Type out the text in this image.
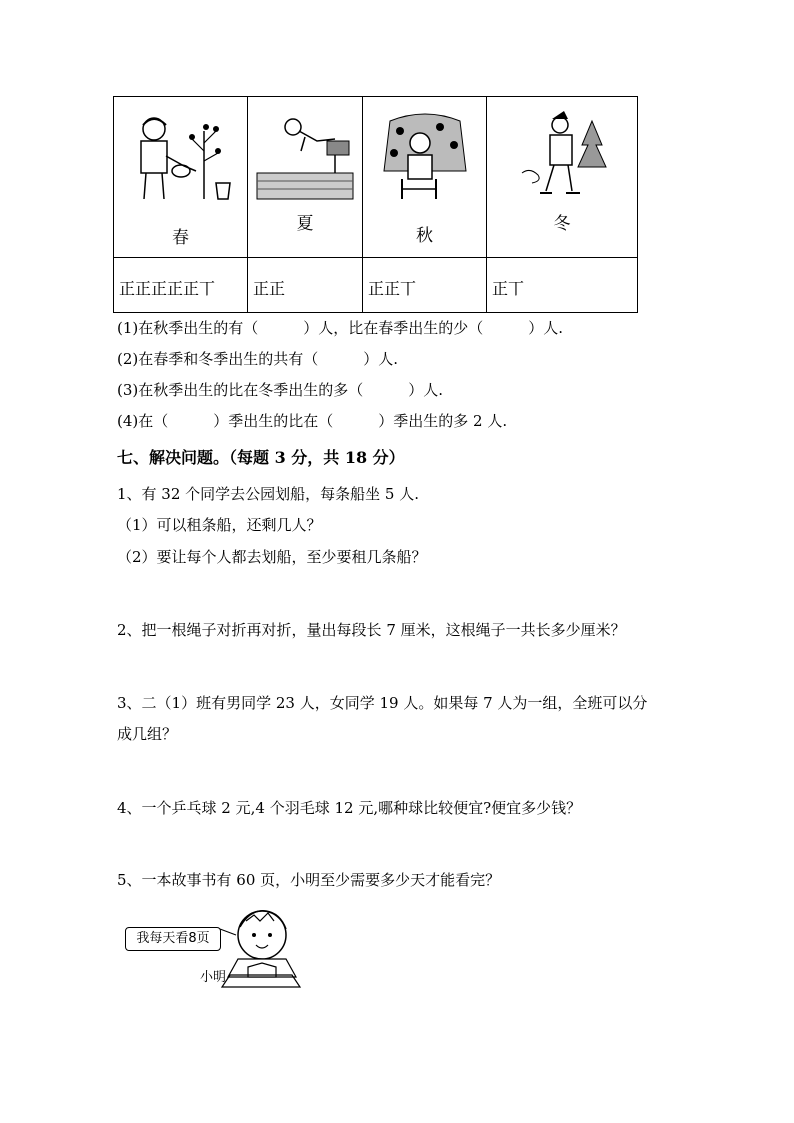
春	夏	秋	冬

正正正正正丅	正正	正正丅	正丅
(1)在秋季出生的有（　　　）人，比在春季出生的少（　　　）人.
(2)在春季和冬季出生的共有（　　　）人.
(3)在秋季出生的比在冬季出生的多（　　　）人.
(4)在（　　　）季出生的比在（　　　）季出生的多 2 人.
七、解决问题。（每题 3 分，共 18 分）
1、有 32 个同学去公园划船，每条船坐 5 人.
（1）可以租条船，还剩几人？
（2）要让每个人都去划船，至少要租几条船？
2、把一根绳子对折再对折，量出每段长 7 厘米，这根绳子一共长多少厘米？
3、二（1）班有男同学 23 人，女同学 19 人。如果每 7 人为一组，全班可以分
成几组？
4、一个乒乓球 2 元,4 个羽毛球 12 元,哪种球比较便宜?便宜多少钱？
5、一本故事书有 60 页，小明至少需要多少天才能看完？
我每天看8页
小明
